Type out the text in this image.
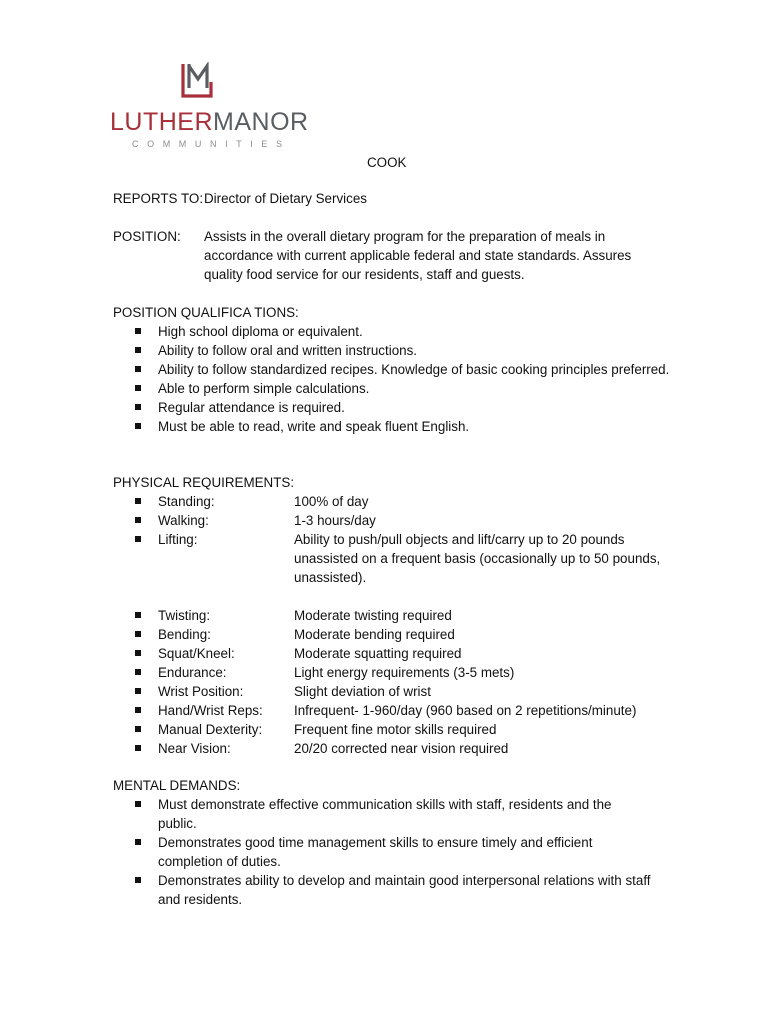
LUTHERMANOR
COMMUNITIES
COOK
REPORTS TO: Director of Dietary Services
POSITION: Assists in the overall dietary program for the preparation of meals in accordance with current applicable federal and state standards. Assures quality food service for our residents, staff and guests.
POSITION QUALIFICA TIONS:
High school diploma or equivalent.
Ability to follow oral and written instructions.
Ability to follow standardized recipes. Knowledge of basic cooking principles preferred.
Able to perform simple calculations.
Regular attendance is required.
Must be able to read, write and speak fluent English.
PHYSICAL REQUIREMENTS:
Standing:	100% of day
Walking:	1-3 hours/day
Lifting:	Ability to push/pull objects and lift/carry up to 20 pounds unassisted on a frequent basis (occasionally up to 50 pounds, unassisted).
Twisting:	Moderate twisting required
Bending:	Moderate bending required
Squat/Kneel:	Moderate squatting required
Endurance:	Light energy requirements (3-5 mets)
Wrist Position:	Slight deviation of wrist
Hand/Wrist Reps: Infrequent- 1-960/day (960 based on 2 repetitions/minute)
Manual Dexterity: Frequent fine motor skills required
Near Vision:	20/20 corrected near vision required
MENTAL DEMANDS:
Must demonstrate effective communication skills with staff, residents and the public.
Demonstrates good time management skills to ensure timely and efficient completion of duties.
Demonstrates ability to develop and maintain good interpersonal relations with staff and residents.
